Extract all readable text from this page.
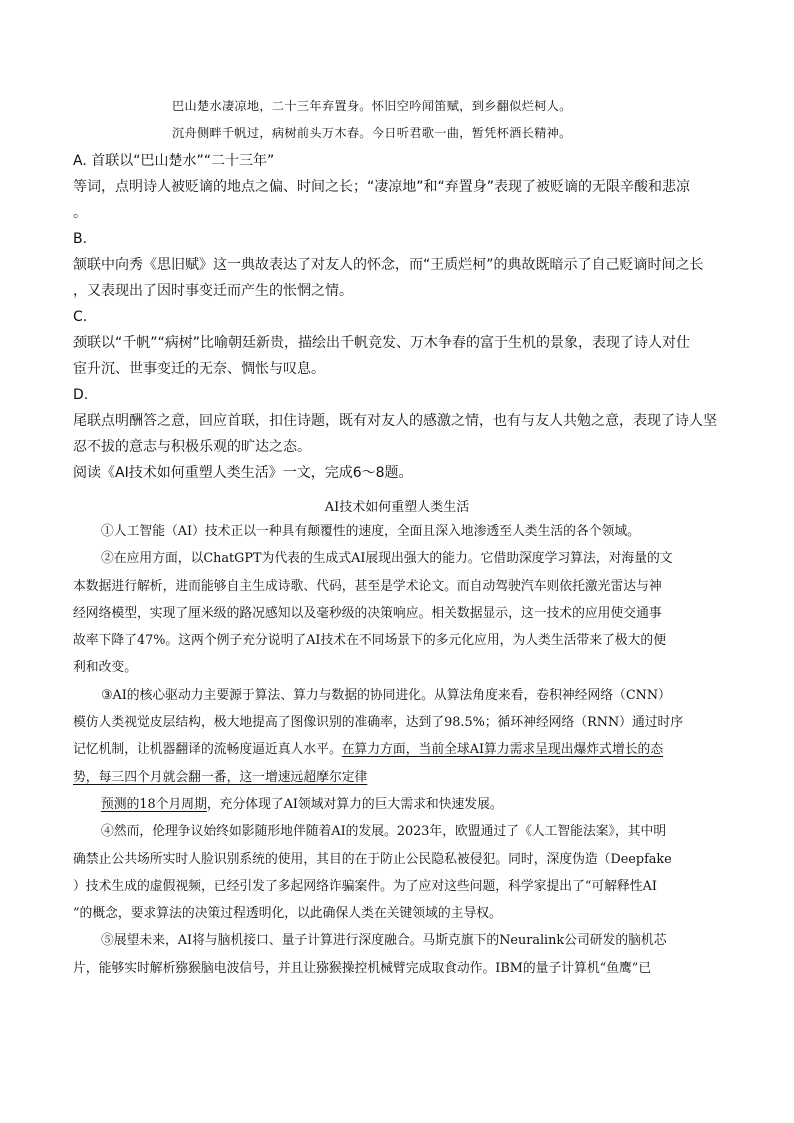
巴山楚水凄凉地，二十三年弃置身。怀旧空吟闻笛赋，到乡翻似烂柯人。
沉舟侧畔千帆过，病树前头万木春。今日听君歌一曲，暂凭杯酒长精神。
A. 首联以“巴山楚水”“二十三年”
等词，点明诗人被贬谪的地点之偏、时间之长；“凄凉地”和“弃置身”表现了被贬谪的无限辛酸和悲凉
。
B.
颔联中向秀《思旧赋》这一典故表达了对友人的怀念，而“王质烂柯”的典故既暗示了自己贬谪时间之长
，又表现出了因时事变迁而产生的怅惘之情。
C.
颈联以“千帆”“病树”比喻朝廷新贵，描绘出千帆竞发、万木争春的富于生机的景象，表现了诗人对仕
宦升沉、世事变迁的无奈、惆怅与叹息。
D.
尾联点明酬答之意，回应首联，扣住诗题，既有对友人的感激之情，也有与友人共勉之意，表现了诗人坚
忍不拔的意志与积极乐观的旷达之态。
阅读《AI技术如何重塑人类生活》一文，完成6～8题。
AI技术如何重塑人类生活
①人工智能（AI）技术正以一种具有颠覆性的速度，全面且深入地渗透至人类生活的各个领域。
②在应用方面，以ChatGPT为代表的生成式AI展现出强大的能力。它借助深度学习算法，对海量的文
本数据进行解析，进而能够自主生成诗歌、代码，甚至是学术论文。而自动驾驶汽车则依托激光雷达与神
经网络模型，实现了厘米级的路况感知以及毫秒级的决策响应。相关数据显示，这一技术的应用使交通事
故率下降了47%。这两个例子充分说明了AI技术在不同场景下的多元化应用，为人类生活带来了极大的便
利和改变。
③AI的核心驱动力主要源于算法、算力与数据的协同进化。从算法角度来看，卷积神经网络（CNN）
模仿人类视觉皮层结构，极大地提高了图像识别的准确率，达到了98.5%；循环神经网络（RNN）通过时序
记忆机制，让机器翻译的流畅度逼近真人水平。在算力方面，当前全球AI算力需求呈现出爆炸式增长的态
势，每三四个月就会翻一番，这一增速远超摩尔定律
预测的18个月周期，充分体现了AI领域对算力的巨大需求和快速发展。
④然而，伦理争议始终如影随形地伴随着AI的发展。2023年，欧盟通过了《人工智能法案》，其中明
确禁止公共场所实时人脸识别系统的使用，其目的在于防止公民隐私被侵犯。同时，深度伪造（Deepfake
）技术生成的虚假视频，已经引发了多起网络诈骗案件。为了应对这些问题，科学家提出了“可解释性AI
”的概念，要求算法的决策过程透明化，以此确保人类在关键领域的主导权。
⑤展望未来，AI将与脑机接口、量子计算进行深度融合。马斯克旗下的Neuralink公司研发的脑机芯
片，能够实时解析猕猴脑电波信号，并且让猕猴操控机械臂完成取食动作。IBM的量子计算机“鱼鹰”已
